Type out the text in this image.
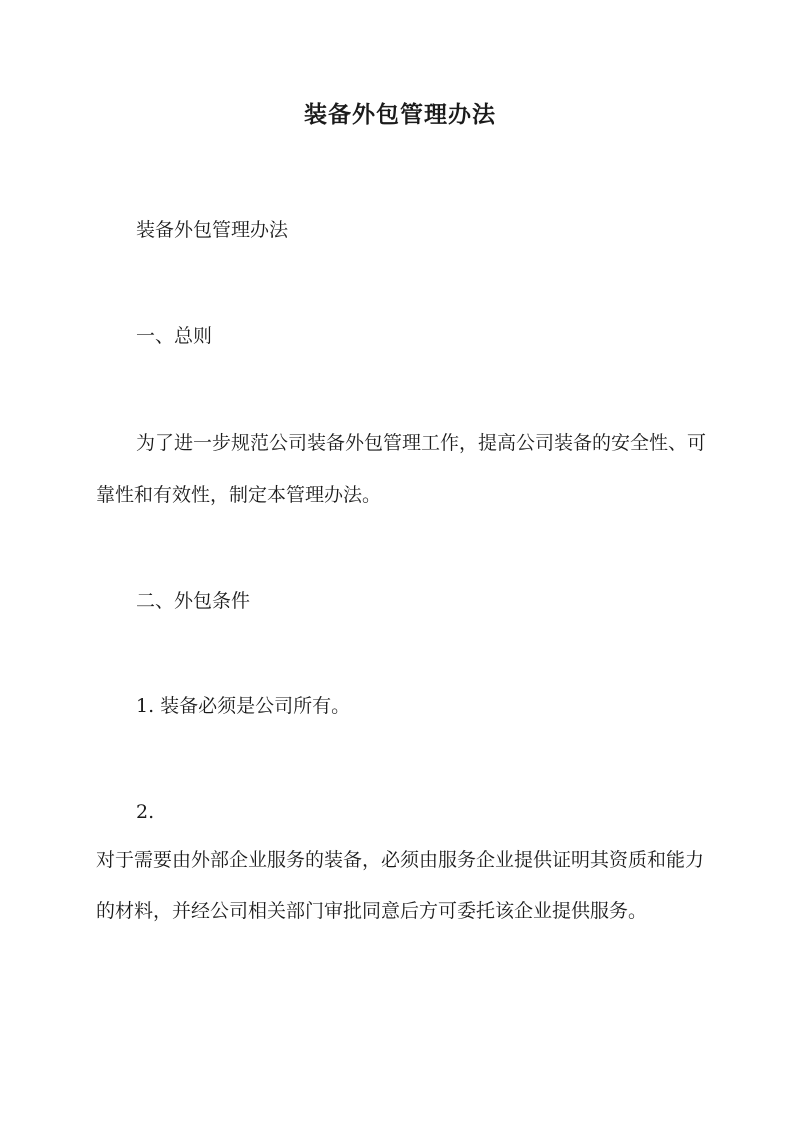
装备外包管理办法

装备外包管理办法

一、总则

为了进一步规范公司装备外包管理工作，提高公司装备的安全性、可

靠性和有效性，制定本管理办法。

二、外包条件

1. 装备必须是公司所有。

2.

对于需要由外部企业服务的装备，必须由服务企业提供证明其资质和能力

的材料，并经公司相关部门审批同意后方可委托该企业提供服务。
